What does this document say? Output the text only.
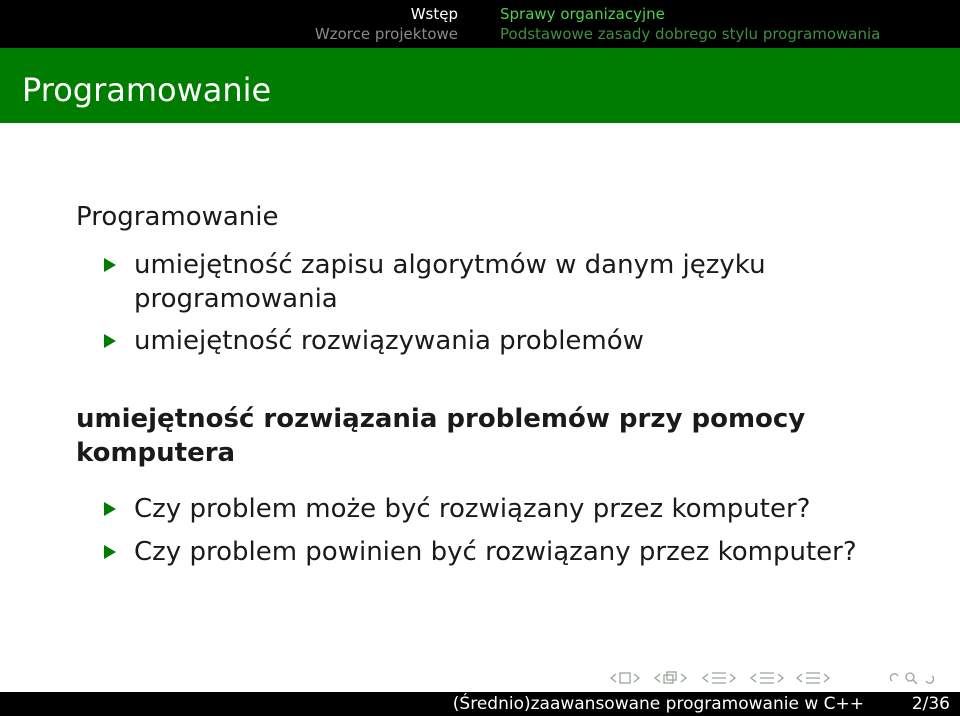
Wstęp
Wzorce projektowe
Sprawy organizacyjne
Podstawowe zasady dobrego stylu programowania
Programowanie
Programowanie
umiejętność zapisu algorytmów w danym języku programowania
umiejętność rozwiązywania problemów
umiejętność rozwiązania problemów przy pomocy komputera
Czy problem może być rozwiązany przez komputer?
Czy problem powinien być rozwiązany przez komputer?
(Średnio)zaawansowane programowanie w C++	2/36
